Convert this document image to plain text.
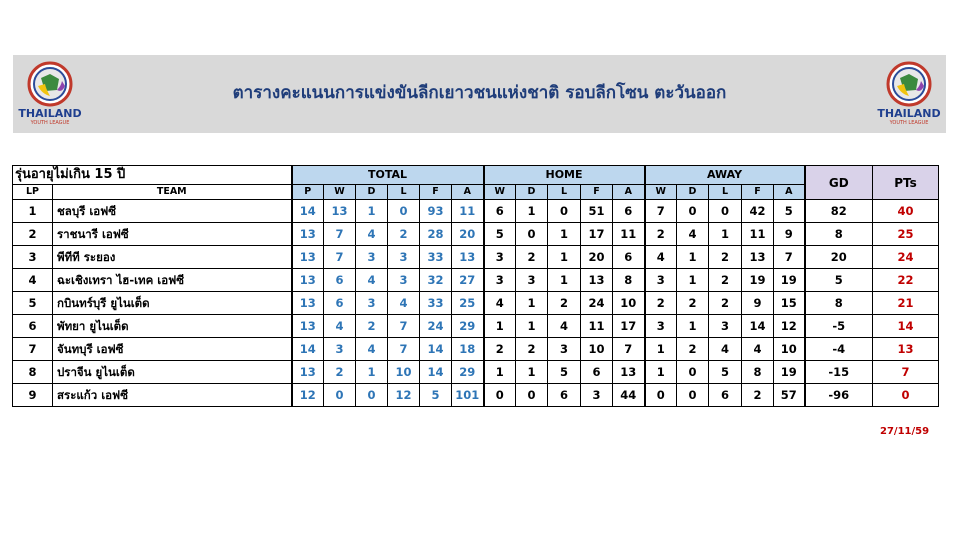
THAILAND
YOUTH LEAGUE
ตารางคะแนนการแข่งขันลีกเยาวชนแห่งชาติ รอบลีกโซน ตะวันออก
THAILAND
YOUTH LEAGUE
รุ่นอายุไม่เกิน 15 ปี		TOTAL						HOME					AWAY					GD	PTs
LP	TEAM	P	W	D	L	F	A	W	D	L	F	A	W	D	L	F	A		
1	ชลบุรี เอฟซี	14	13	1	0	93	11	6	1	0	51	6	7	0	0	42	5	82	40
2	ราชนารี เอฟซี	13	7	4	2	28	20	5	0	1	17	11	2	4	1	11	9	8	25
3	พีทีที ระยอง	13	7	3	3	33	13	3	2	1	20	6	4	1	2	13	7	20	24
4	ฉะเชิงเทรา ไฮ-เทค เอฟซี	13	6	4	3	32	27	3	3	1	13	8	3	1	2	19	19	5	22
5	กบินทร์บุรี ยูไนเต็ด	13	6	3	4	33	25	4	1	2	24	10	2	2	2	9	15	8	21
6	พัทยา ยูไนเต็ด	13	4	2	7	24	29	1	1	4	11	17	3	1	3	14	12	-5	14
7	จันทบุรี เอฟซี	14	3	4	7	14	18	2	2	3	10	7	1	2	4	4	10	-4	13
8	ปราจีน ยูไนเต็ด	13	2	1	10	14	29	1	1	5	6	13	1	0	5	8	19	-15	7
9	สระแก้ว เอฟซี	12	0	0	12	5	101	0	0	6	3	44	0	0	6	2	57	-96	0
27/11/59
